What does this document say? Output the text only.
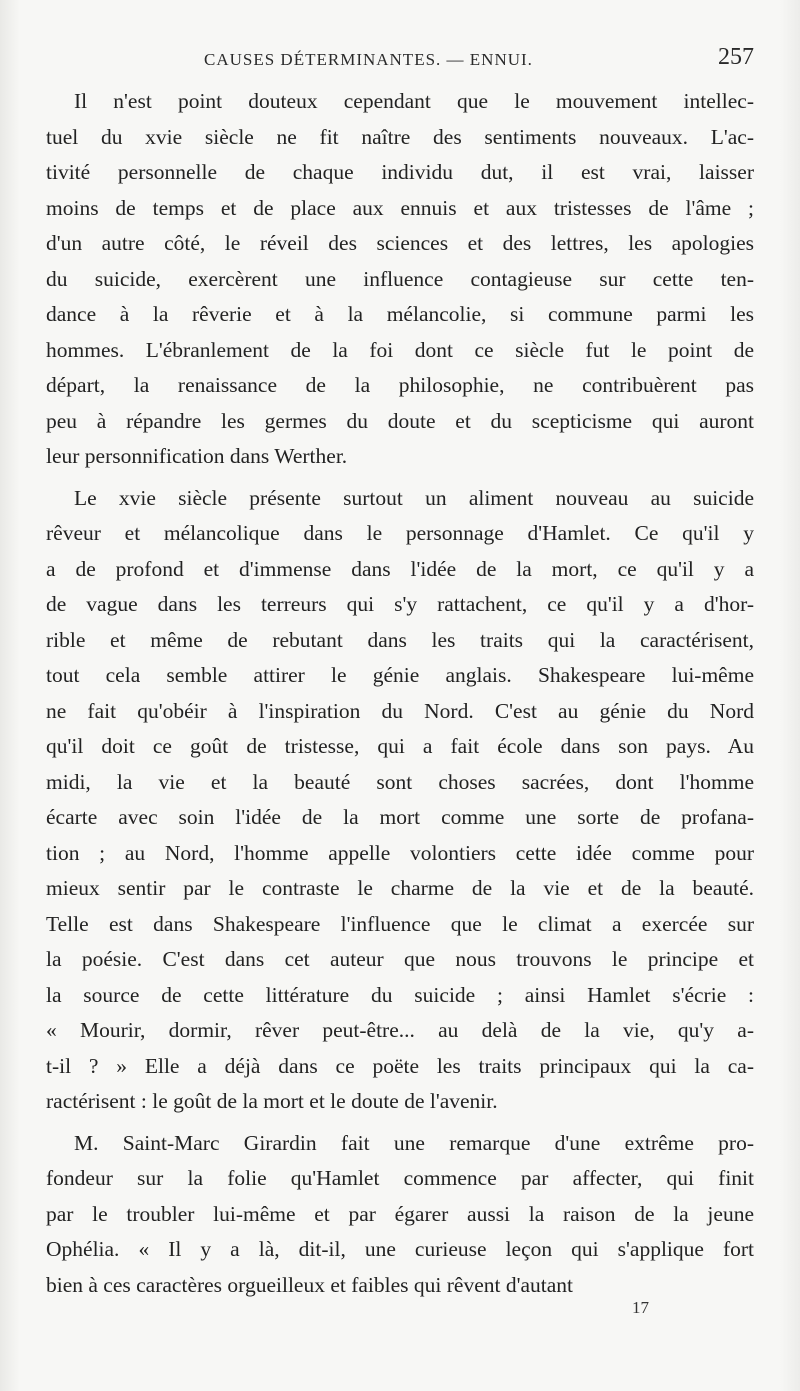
CAUSES DÉTERMINANTES. — ENNUI.	257
Il n'est point douteux cependant que le mouvement intellec-
tuel du xvie siècle ne fit naître des sentiments nouveaux. L'ac-
tivité personnelle de chaque individu dut, il est vrai, laisser
moins de temps et de place aux ennuis et aux tristesses de l'âme ;
d'un autre côté, le réveil des sciences et des lettres, les apologies
du suicide, exercèrent une influence contagieuse sur cette ten-
dance à la rêverie et à la mélancolie, si commune parmi les
hommes. L'ébranlement de la foi dont ce siècle fut le point de
départ, la renaissance de la philosophie, ne contribuèrent pas
peu à répandre les germes du doute et du scepticisme qui auront
leur personnification dans Werther.
Le xvie siècle présente surtout un aliment nouveau au suicide
rêveur et mélancolique dans le personnage d'Hamlet. Ce qu'il y
a de profond et d'immense dans l'idée de la mort, ce qu'il y a
de vague dans les terreurs qui s'y rattachent, ce qu'il y a d'hor-
rible et même de rebutant dans les traits qui la caractérisent,
tout cela semble attirer le génie anglais. Shakespeare lui-même
ne fait qu'obéir à l'inspiration du Nord. C'est au génie du Nord
qu'il doit ce goût de tristesse, qui a fait école dans son pays. Au
midi, la vie et la beauté sont choses sacrées, dont l'homme
écarte avec soin l'idée de la mort comme une sorte de profana-
tion ; au Nord, l'homme appelle volontiers cette idée comme pour
mieux sentir par le contraste le charme de la vie et de la beauté.
Telle est dans Shakespeare l'influence que le climat a exercée sur
la poésie. C'est dans cet auteur que nous trouvons le principe et
la source de cette littérature du suicide ; ainsi Hamlet s'écrie :
« Mourir, dormir, rêver peut-être... au delà de la vie, qu'y a-
t-il ? » Elle a déjà dans ce poëte les traits principaux qui la ca-
ractérisent : le goût de la mort et le doute de l'avenir.
M. Saint-Marc Girardin fait une remarque d'une extrême pro-
fondeur sur la folie qu'Hamlet commence par affecter, qui finit
par le troubler lui-même et par égarer aussi la raison de la jeune
Ophélia. « Il y a là, dit-il, une curieuse leçon qui s'applique fort
bien à ces caractères orgueilleux et faibles qui rêvent d'autant
17
